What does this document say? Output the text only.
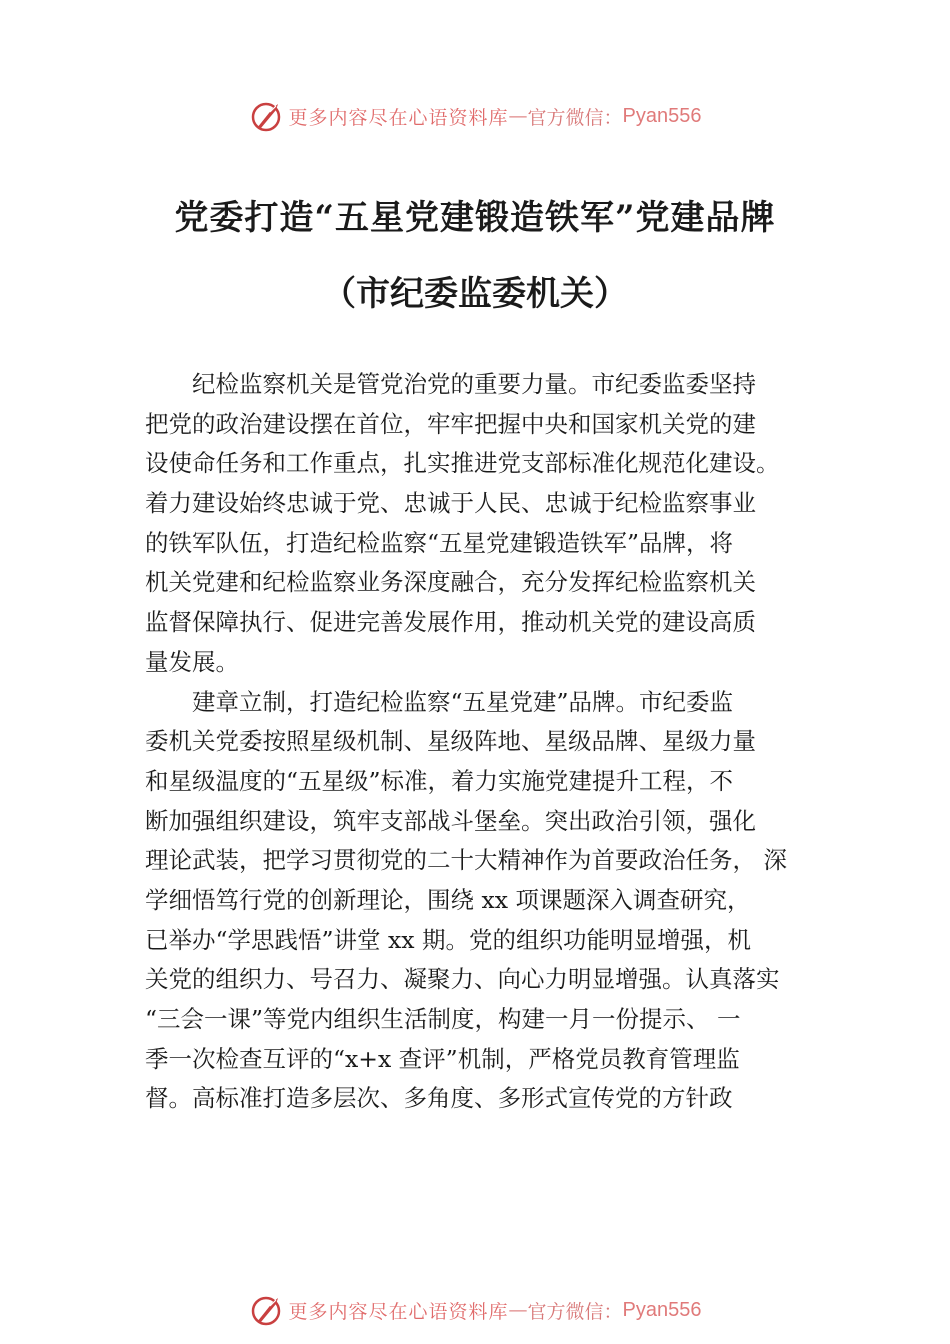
更多内容尽在心语资料库 — 官方微信： Pyan556
党委打造“五星党建锻造铁军”党建品牌
（市纪委监委机关）
纪检监察机关是管党治党的重要力量。市纪委监委坚持
把党的政治建设摆在首位，牢牢把握中央和国家机关党的建
设使命任务和工作重点，扎实推进党支部标准化规范化建设。
着力建设始终忠诚于党、忠诚于人民、忠诚于纪检监察事业
的铁军队伍，打造纪检监察“五星党建锻造铁军”品牌，将
机关党建和纪检监察业务深度融合，充分发挥纪检监察机关
监督保障执行、促进完善发展作用，推动机关党的建设高质
量发展。
建章立制，打造纪检监察“五星党建”品牌。市纪委监
委机关党委按照星级机制、星级阵地、星级品牌、星级力量
和星级温度的“五星级”标准，着力实施党建提升工程，不
断加强组织建设，筑牢支部战斗堡垒。突出政治引领，强化
理论武装，把学习贯彻党的二十大精神作为首要政治任务， 深
学细悟笃行党的创新理论，围绕 xx 项课题深入调查研究，
已举办“学思践悟”讲堂 xx 期。党的组织功能明显增强，机
关党的组织力、号召力、凝聚力、向心力明显增强。认真落实
“三会一课”等党内组织生活制度，构建一月一份提示、 一
季一次检查互评的“x+x 查评”机制，严格党员教育管理监
督。高标准打造多层次、多角度、多形式宣传党的方针政
更多内容尽在心语资料库 — 官方微信： Pyan556
